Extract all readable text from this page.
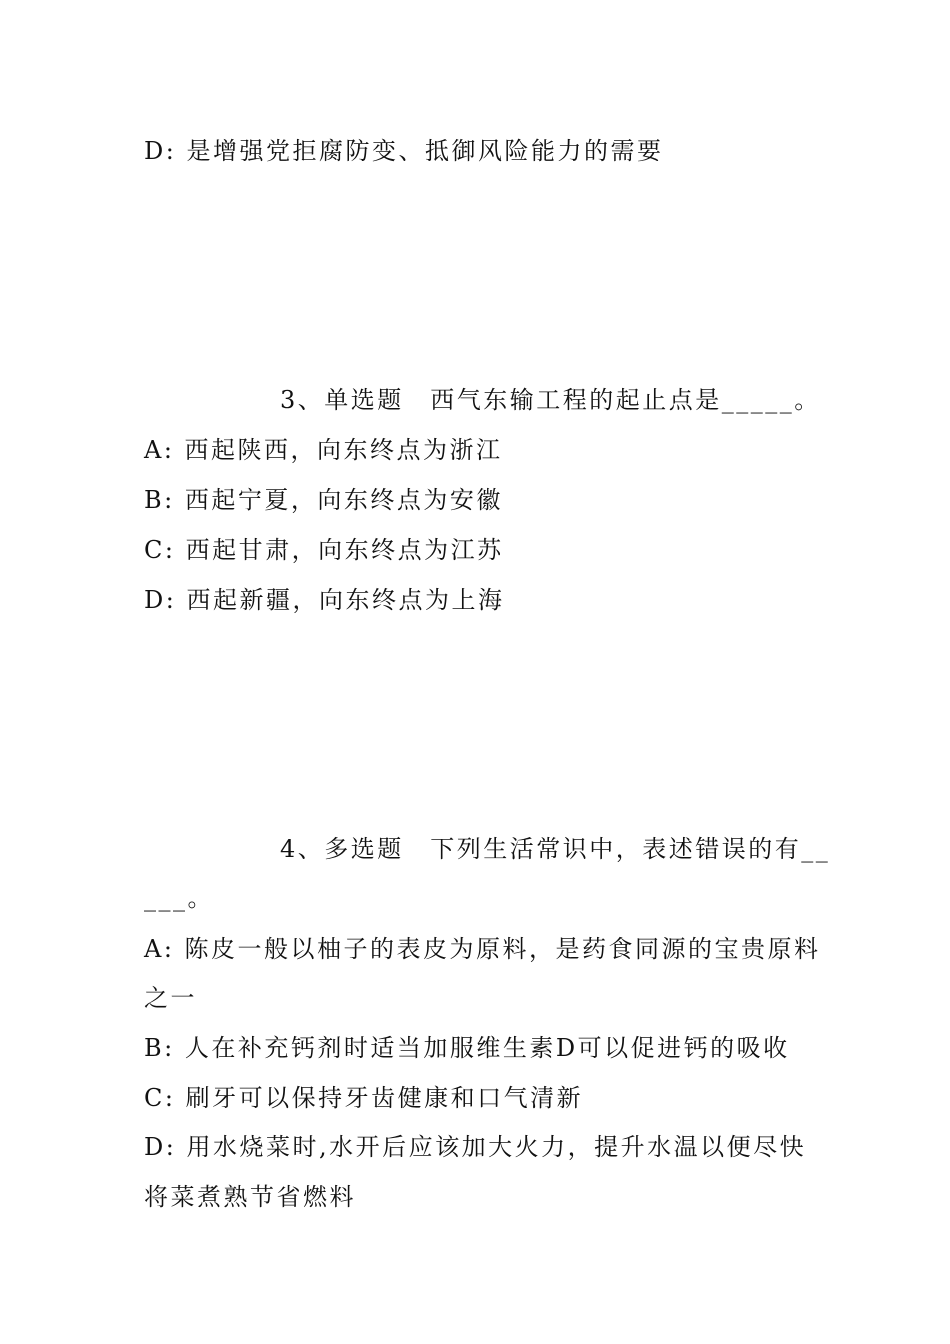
D: 是增强党拒腐防变、抵御风险能力的需要
3、单选题　西气东输工程的起止点是_____。
A: 西起陕西，向东终点为浙江
B: 西起宁夏，向东终点为安徽
C: 西起甘肃，向东终点为江苏
D: 西起新疆，向东终点为上海
4、多选题　下列生活常识中，表述错误的有__
___。
A: 陈皮一般以柚子的表皮为原料，是药食同源的宝贵原料
之一
B: 人在补充钙剂时适当加服维生素D可以促进钙的吸收
C: 刷牙可以保持牙齿健康和口气清新
D: 用水烧菜时,水开后应该加大火力，提升水温以便尽快
将菜煮熟节省燃料
